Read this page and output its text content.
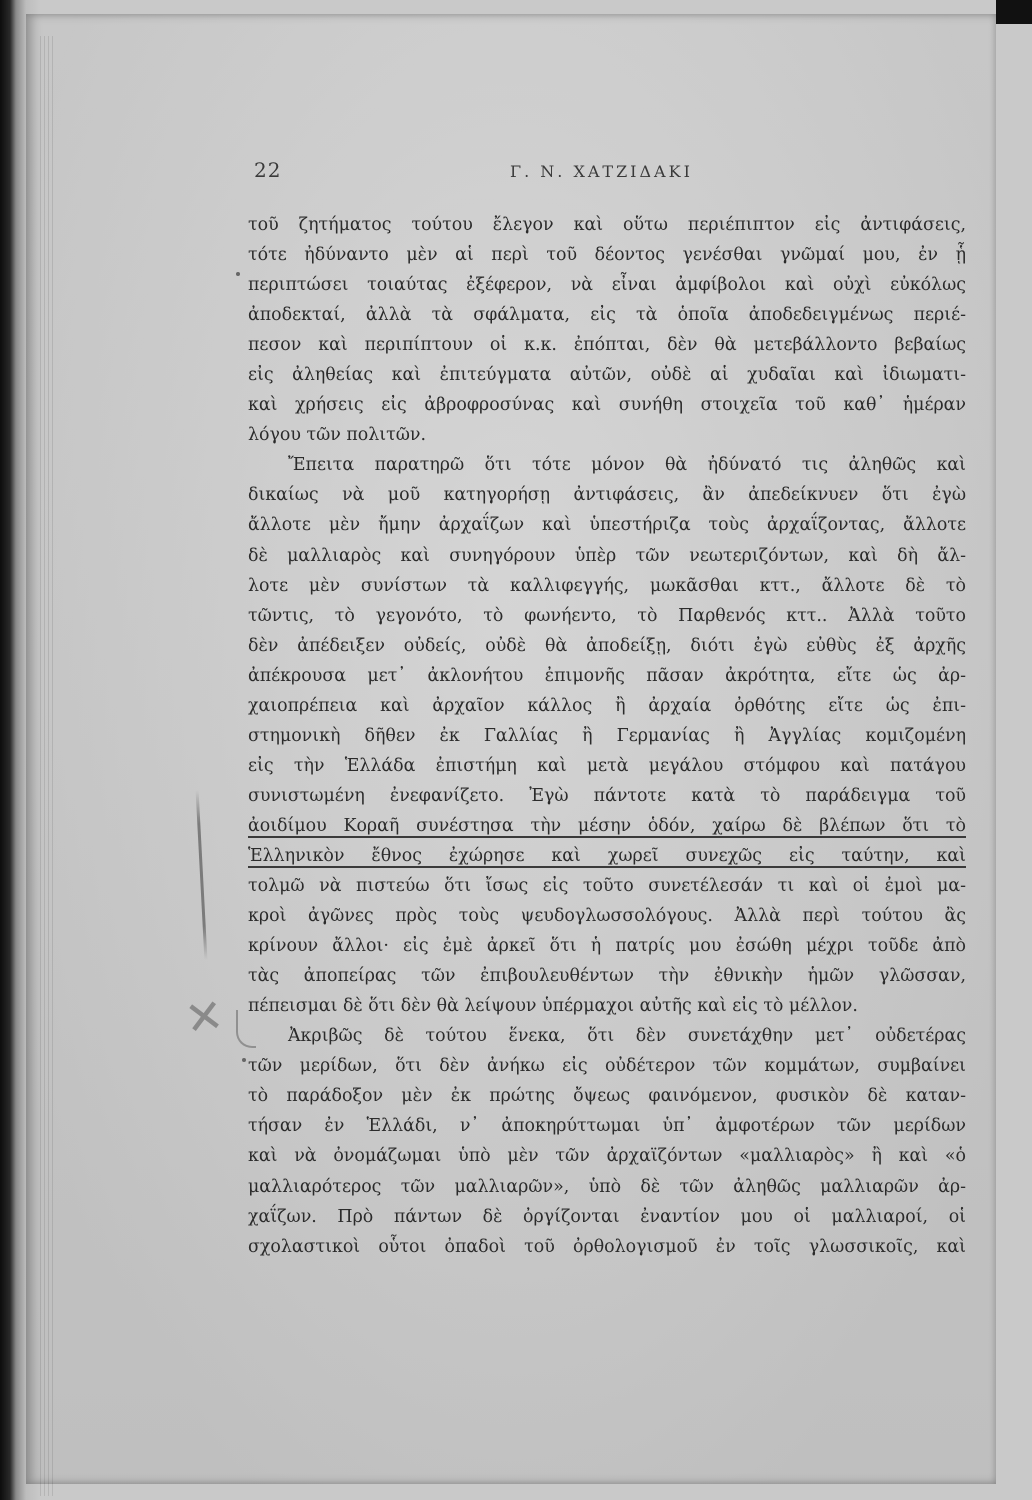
22	Γ. Ν. ΧΑΤΖΙΔΑΚΙ
τοῦ ζητήματος τούτου ἔλεγον καὶ οὕτω περιέπιπτον εἰς ἀντιφάσεις,
τότε ἠδύναντο μὲν αἱ περὶ τοῦ δέοντος γενέσθαι γνῶμαί μου, ἐν ᾗ
περιπτώσει τοιαύτας ἐξέφερον, νὰ εἶναι ἀμφίβολοι καὶ οὐχὶ εὐκόλως
ἀποδεκταί, ἀλλὰ τὰ σφάλματα, εἰς τὰ ὁποῖα ἀποδεδειγμένως περιέ-
πεσον καὶ περιπίπτουν οἱ κ.κ. ἐπόπται, δὲν θὰ μετεβάλλοντο βεβαίως
εἰς ἀληθείας καὶ ἐπιτεύγματα αὐτῶν, οὐδὲ αἱ χυδαῖαι καὶ ἰδιωματι-
καὶ χρήσεις εἰς ἀβροφροσύνας καὶ συνήθη στοιχεῖα τοῦ καθ᾿ ἡμέραν
λόγου τῶν πολιτῶν.
Ἔπειτα παρατηρῶ ὅτι τότε μόνον θὰ ἠδύνατό τις ἀληθῶς καὶ
δικαίως νὰ μοῦ κατηγορήσῃ ἀντιφάσεις, ἂν ἀπεδείκνυεν ὅτι ἐγὼ
ἄλλοτε μὲν ἤμην ἀρχαΐζων καὶ ὑπεστήριζα τοὺς ἀρχαΐζοντας, ἄλλοτε
δὲ μαλλιαρὸς καὶ συνηγόρουν ὑπὲρ τῶν νεωτεριζόντων, καὶ δὴ ἄλ-
λοτε μὲν συνίστων τὰ καλλιφεγγής, μωκᾶσθαι κττ., ἄλλοτε δὲ τὸ
τῶντις, τὸ γεγονότο, τὸ φωνήεντο, τὸ Παρθενός κττ.. Ἀλλὰ τοῦτο
δὲν ἀπέδειξεν οὐδείς, οὐδὲ θὰ ἀποδείξῃ, διότι ἐγὼ εὐθὺς ἐξ ἀρχῆς
ἀπέκρουσα μετ᾿ ἀκλονήτου ἐπιμονῆς πᾶσαν ἀκρότητα, εἴτε ὡς ἀρ-
χαιοπρέπεια καὶ ἀρχαῖον κάλλος ἢ ἀρχαία ὀρθότης εἴτε ὡς ἐπι-
στημονικὴ δῆθεν ἐκ Γαλλίας ἢ Γερμανίας ἢ Ἀγγλίας κομιζομένη
εἰς τὴν Ἑλλάδα ἐπιστήμη καὶ μετὰ μεγάλου στόμφου καὶ πατάγου
συνιστωμένη ἐνεφανίζετο. Ἐγὼ πάντοτε κατὰ τὸ παράδειγμα τοῦ
ἀοιδίμου Κοραῆ συνέστησα τὴν μέσην ὁδόν, χαίρω δὲ βλέπων ὅτι τὸ
Ἑλληνικὸν ἔθνος ἐχώρησε καὶ χωρεῖ συνεχῶς εἰς ταύτην, καὶ
τολμῶ νὰ πιστεύω ὅτι ἴσως εἰς τοῦτο συνετέλεσάν τι καὶ οἱ ἐμοὶ μα-
κροὶ ἀγῶνες πρὸς τοὺς ψευδογλωσσολόγους. Ἀλλὰ περὶ τούτου ἂς
κρίνουν ἄλλοι· εἰς ἐμὲ ἀρκεῖ ὅτι ἡ πατρίς μου ἐσώθη μέχρι τοῦδε ἀπὸ
τὰς ἀποπείρας τῶν ἐπιβουλευθέντων τὴν ἐθνικὴν ἡμῶν γλῶσσαν,
πέπεισμαι δὲ ὅτι δὲν θὰ λείψουν ὑπέρμαχοι αὐτῆς καὶ εἰς τὸ μέλλον.
Ἀκριβῶς δὲ τούτου ἕνεκα, ὅτι δὲν συνετάχθην μετ᾿ οὐδετέρας
τῶν μερίδων, ὅτι δὲν ἀνήκω εἰς οὐδέτερον τῶν κομμάτων, συμβαίνει
τὸ παράδοξον μὲν ἐκ πρώτης ὄψεως φαινόμενον, φυσικὸν δὲ καταν-
τήσαν ἐν Ἑλλάδι, ν᾿ ἀποκηρύττωμαι ὑπ᾿ ἀμφοτέρων τῶν μερίδων
καὶ νὰ ὀνομάζωμαι ὑπὸ μὲν τῶν ἀρχαϊζόντων «μαλλιαρὸς» ἢ καὶ «ὁ
μαλλιαρότερος τῶν μαλλιαρῶν», ὑπὸ δὲ τῶν ἀληθῶς μαλλιαρῶν ἀρ-
χαΐζων. Πρὸ πάντων δὲ ὀργίζονται ἐναντίον μου οἱ μαλλιαροί, οἱ
σχολαστικοὶ οὗτοι ὀπαδοὶ τοῦ ὀρθολογισμοῦ ἐν τοῖς γλωσσικοῖς, καὶ
✕
